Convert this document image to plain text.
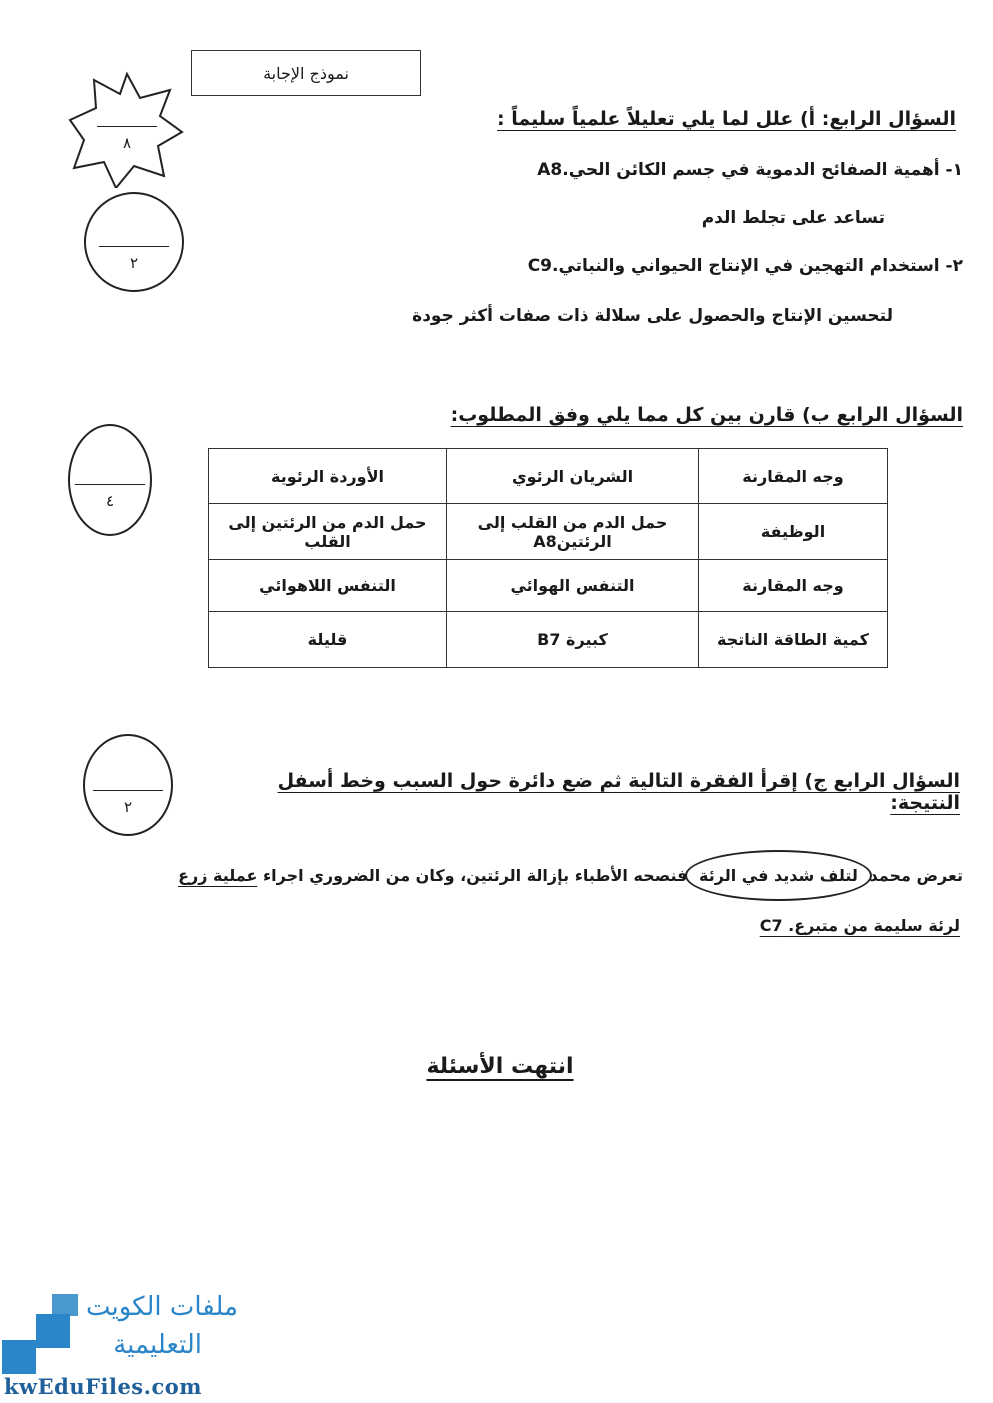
نموذج الإجابة
٨
٢
السؤال الرابع: أ) علل لما يلي تعليلاً علمياً سليماً :
١- أهمية الصفائح الدموية في جسم الكائن الحي.A8
تساعد على تجلط الدم
٢- استخدام التهجين في الإنتاج الحيواني والنباتي.C9
لتحسين الإنتاج والحصول على سلالة ذات صفات أكثر جودة
السؤال الرابع ب) قارن بين كل مما يلي وفق المطلوب:
٤
وجه المقارنة	الشريان الرئوي	الأوردة الرئوية
الوظيفة	حمل الدم من القلب إلى الرئتينA8	حمل الدم من الرئتين إلى القلب
وجه المقارنة	التنفس الهوائي	التنفس اللاهوائي
كمية الطاقة الناتجة	كبيرة B7	قليلة
٢
السؤال الرابع ج) إقرأ الفقرة التالية ثم ضع دائرة حول السبب وخط أسفل النتيجة:
تعرض محمد
لتلف شديد في الرئة فنصحه الأطباء بإزالة الرئتين، وكان من الضروري اجراء عملية زرع
لرئة سليمة من متبرع. C7
انتهت الأسئلة
ملفات الكويت
التعليمية
kwEduFiles.com
